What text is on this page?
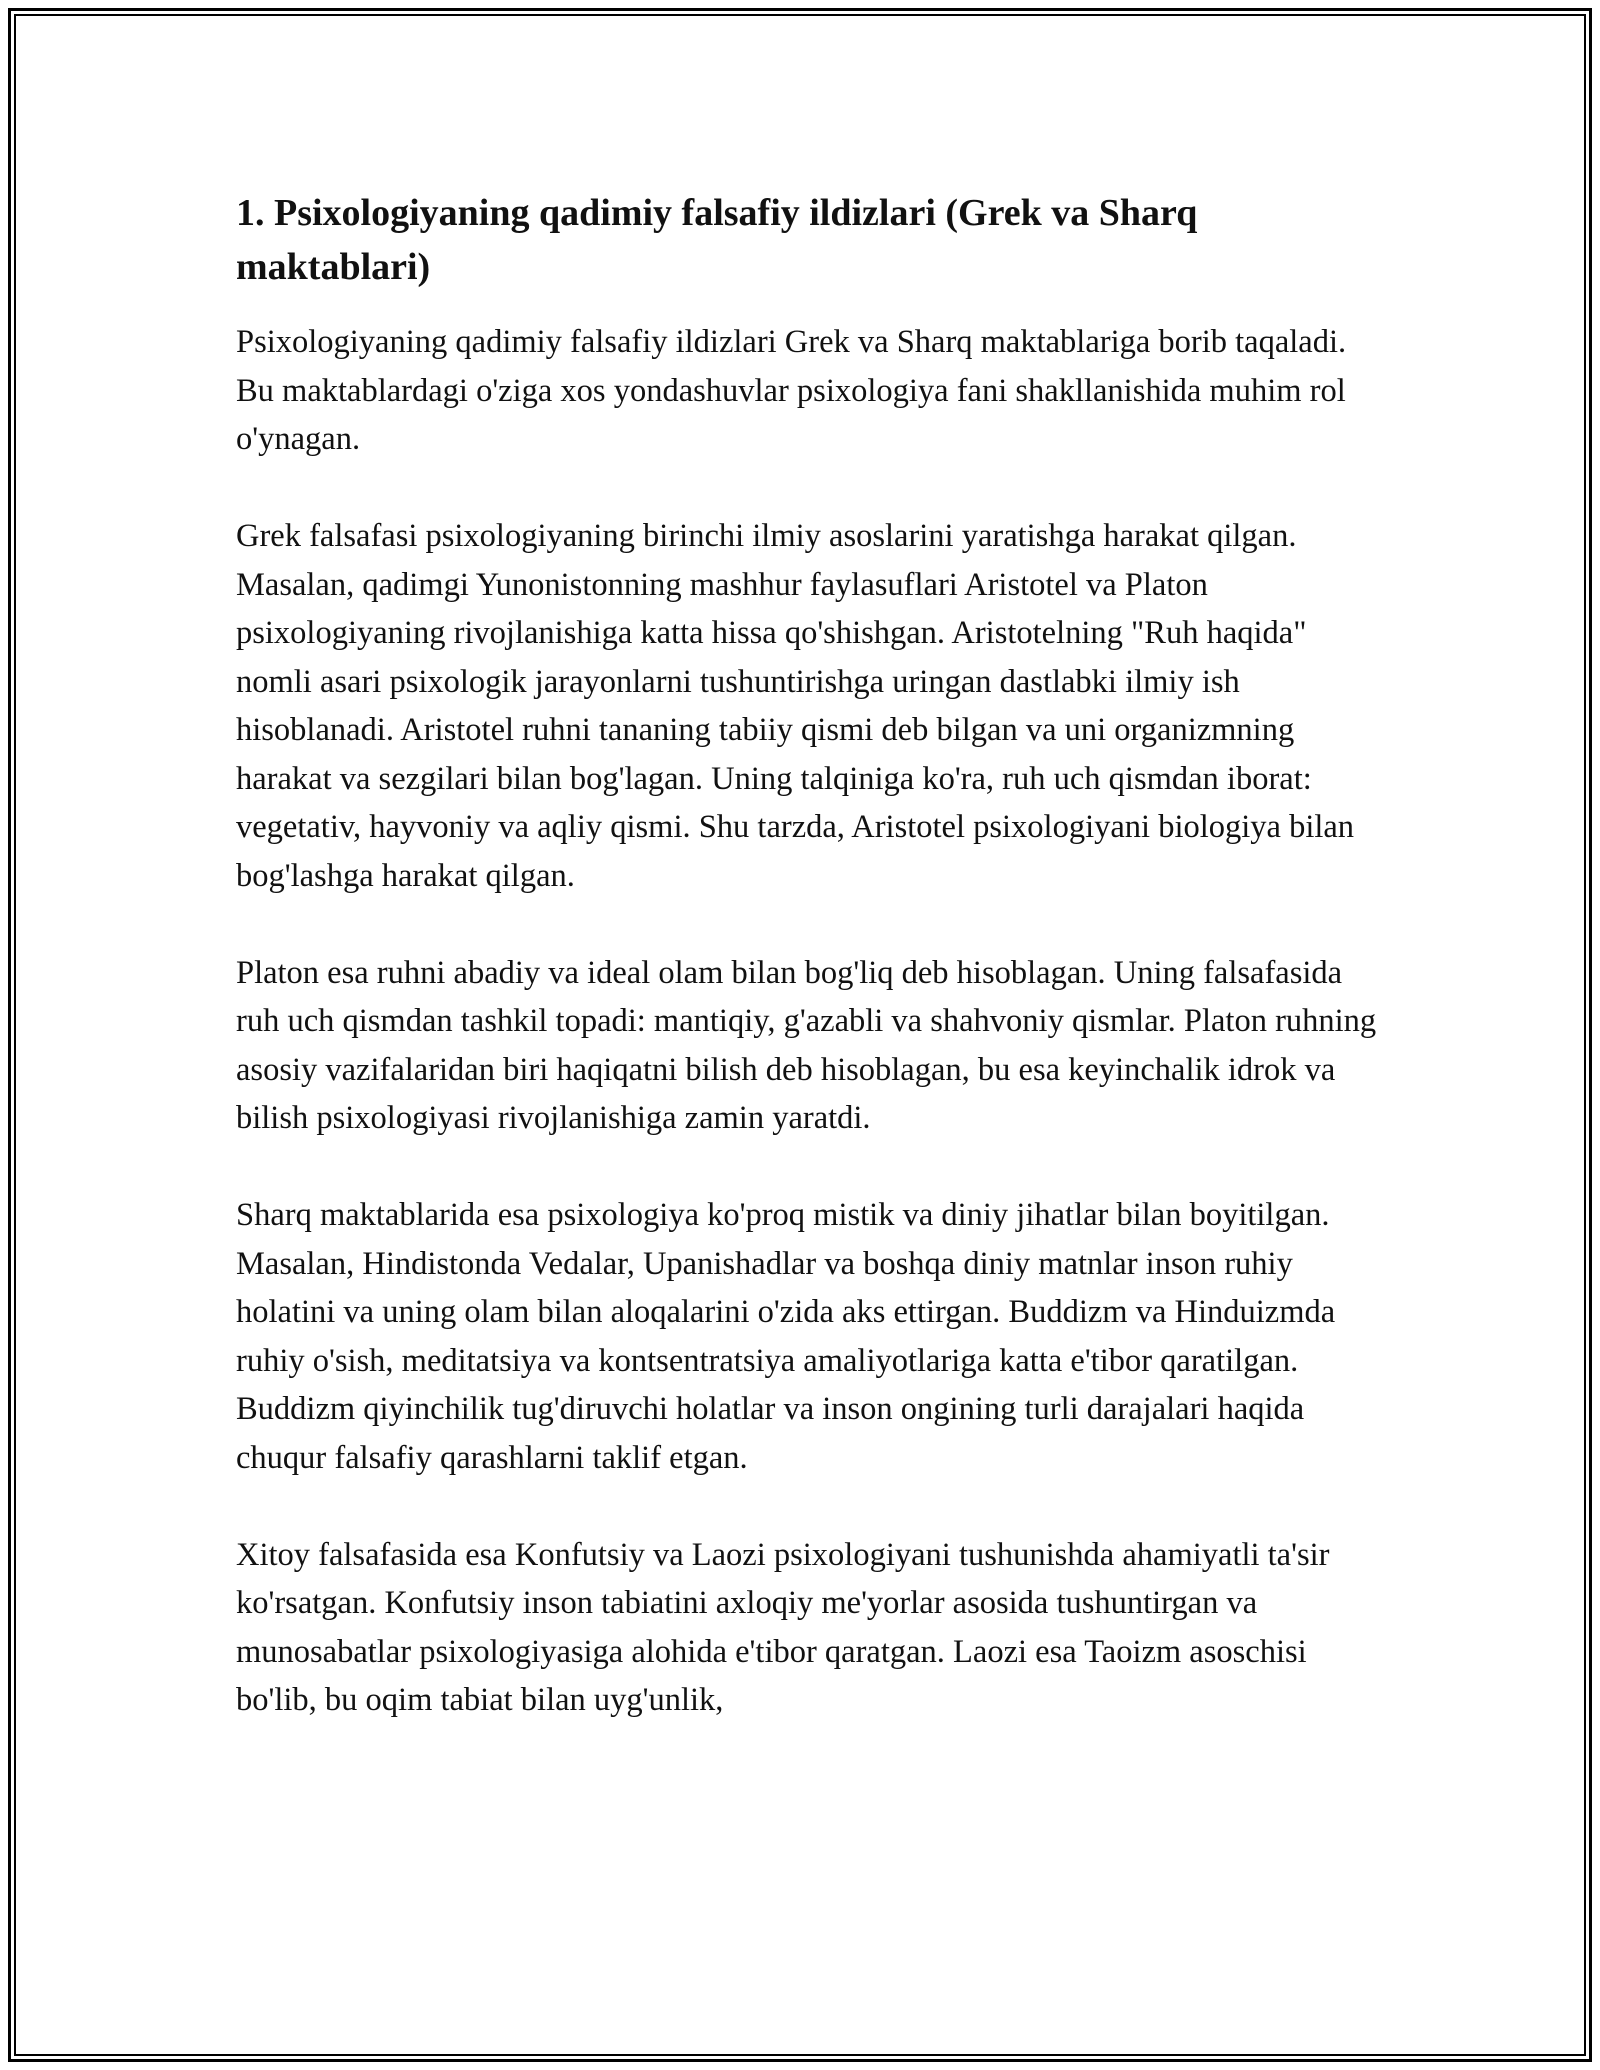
1. Psixologiyaning qadimiy falsafiy ildizlari (Grek va Sharq maktablari)

Psixologiyaning qadimiy falsafiy ildizlari Grek va Sharq maktablariga borib taqaladi. Bu maktablardagi o'ziga xos yondashuvlar psixologiya fani shakllanishida muhim rol o'ynagan.

Grek falsafasi psixologiyaning birinchi ilmiy asoslarini yaratishga harakat qilgan. Masalan, qadimgi Yunonistonning mashhur faylasuflari Aristotel va Platon psixologiyaning rivojlanishiga katta hissa qo'shishgan. Aristotelning "Ruh haqida" nomli asari psixologik jarayonlarni tushuntirishga uringan dastlabki ilmiy ish hisoblanadi. Aristotel ruhni tananing tabiiy qismi deb bilgan va uni organizmning harakat va sezgilari bilan bog'lagan. Uning talqiniga ko'ra, ruh uch qismdan iborat: vegetativ, hayvoniy va aqliy qismi. Shu tarzda, Aristotel psixologiyani biologiya bilan bog'lashga harakat qilgan.

Platon esa ruhni abadiy va ideal olam bilan bog'liq deb hisoblagan. Uning falsafasida ruh uch qismdan tashkil topadi: mantiqiy, g'azabli va shahvoniy qismlar. Platon ruhning asosiy vazifalaridan biri haqiqatni bilish deb hisoblagan, bu esa keyinchalik idrok va bilish psixologiyasi rivojlanishiga zamin yaratdi.

Sharq maktablarida esa psixologiya ko'proq mistik va diniy jihatlar bilan boyitilgan. Masalan, Hindistonda Vedalar, Upanishadlar va boshqa diniy matnlar inson ruhiy holatini va uning olam bilan aloqalarini o'zida aks ettirgan. Buddizm va Hinduizmda ruhiy o'sish, meditatsiya va kontsentratsiya amaliyotlariga katta e'tibor qaratilgan. Buddizm qiyinchilik tug'diruvchi holatlar va inson ongining turli darajalari haqida chuqur falsafiy qarashlarni taklif etgan.

Xitoy falsafasida esa Konfutsiy va Laozi psixologiyani tushunishda ahamiyatli ta'sir ko'rsatgan. Konfutsiy inson tabiatini axloqiy me'yorlar asosida tushuntirgan va munosabatlar psixologiyasiga alohida e'tibor qaratgan. Laozi esa Taoizm asoschisi bo'lib, bu oqim tabiat bilan uyg'unlik,
